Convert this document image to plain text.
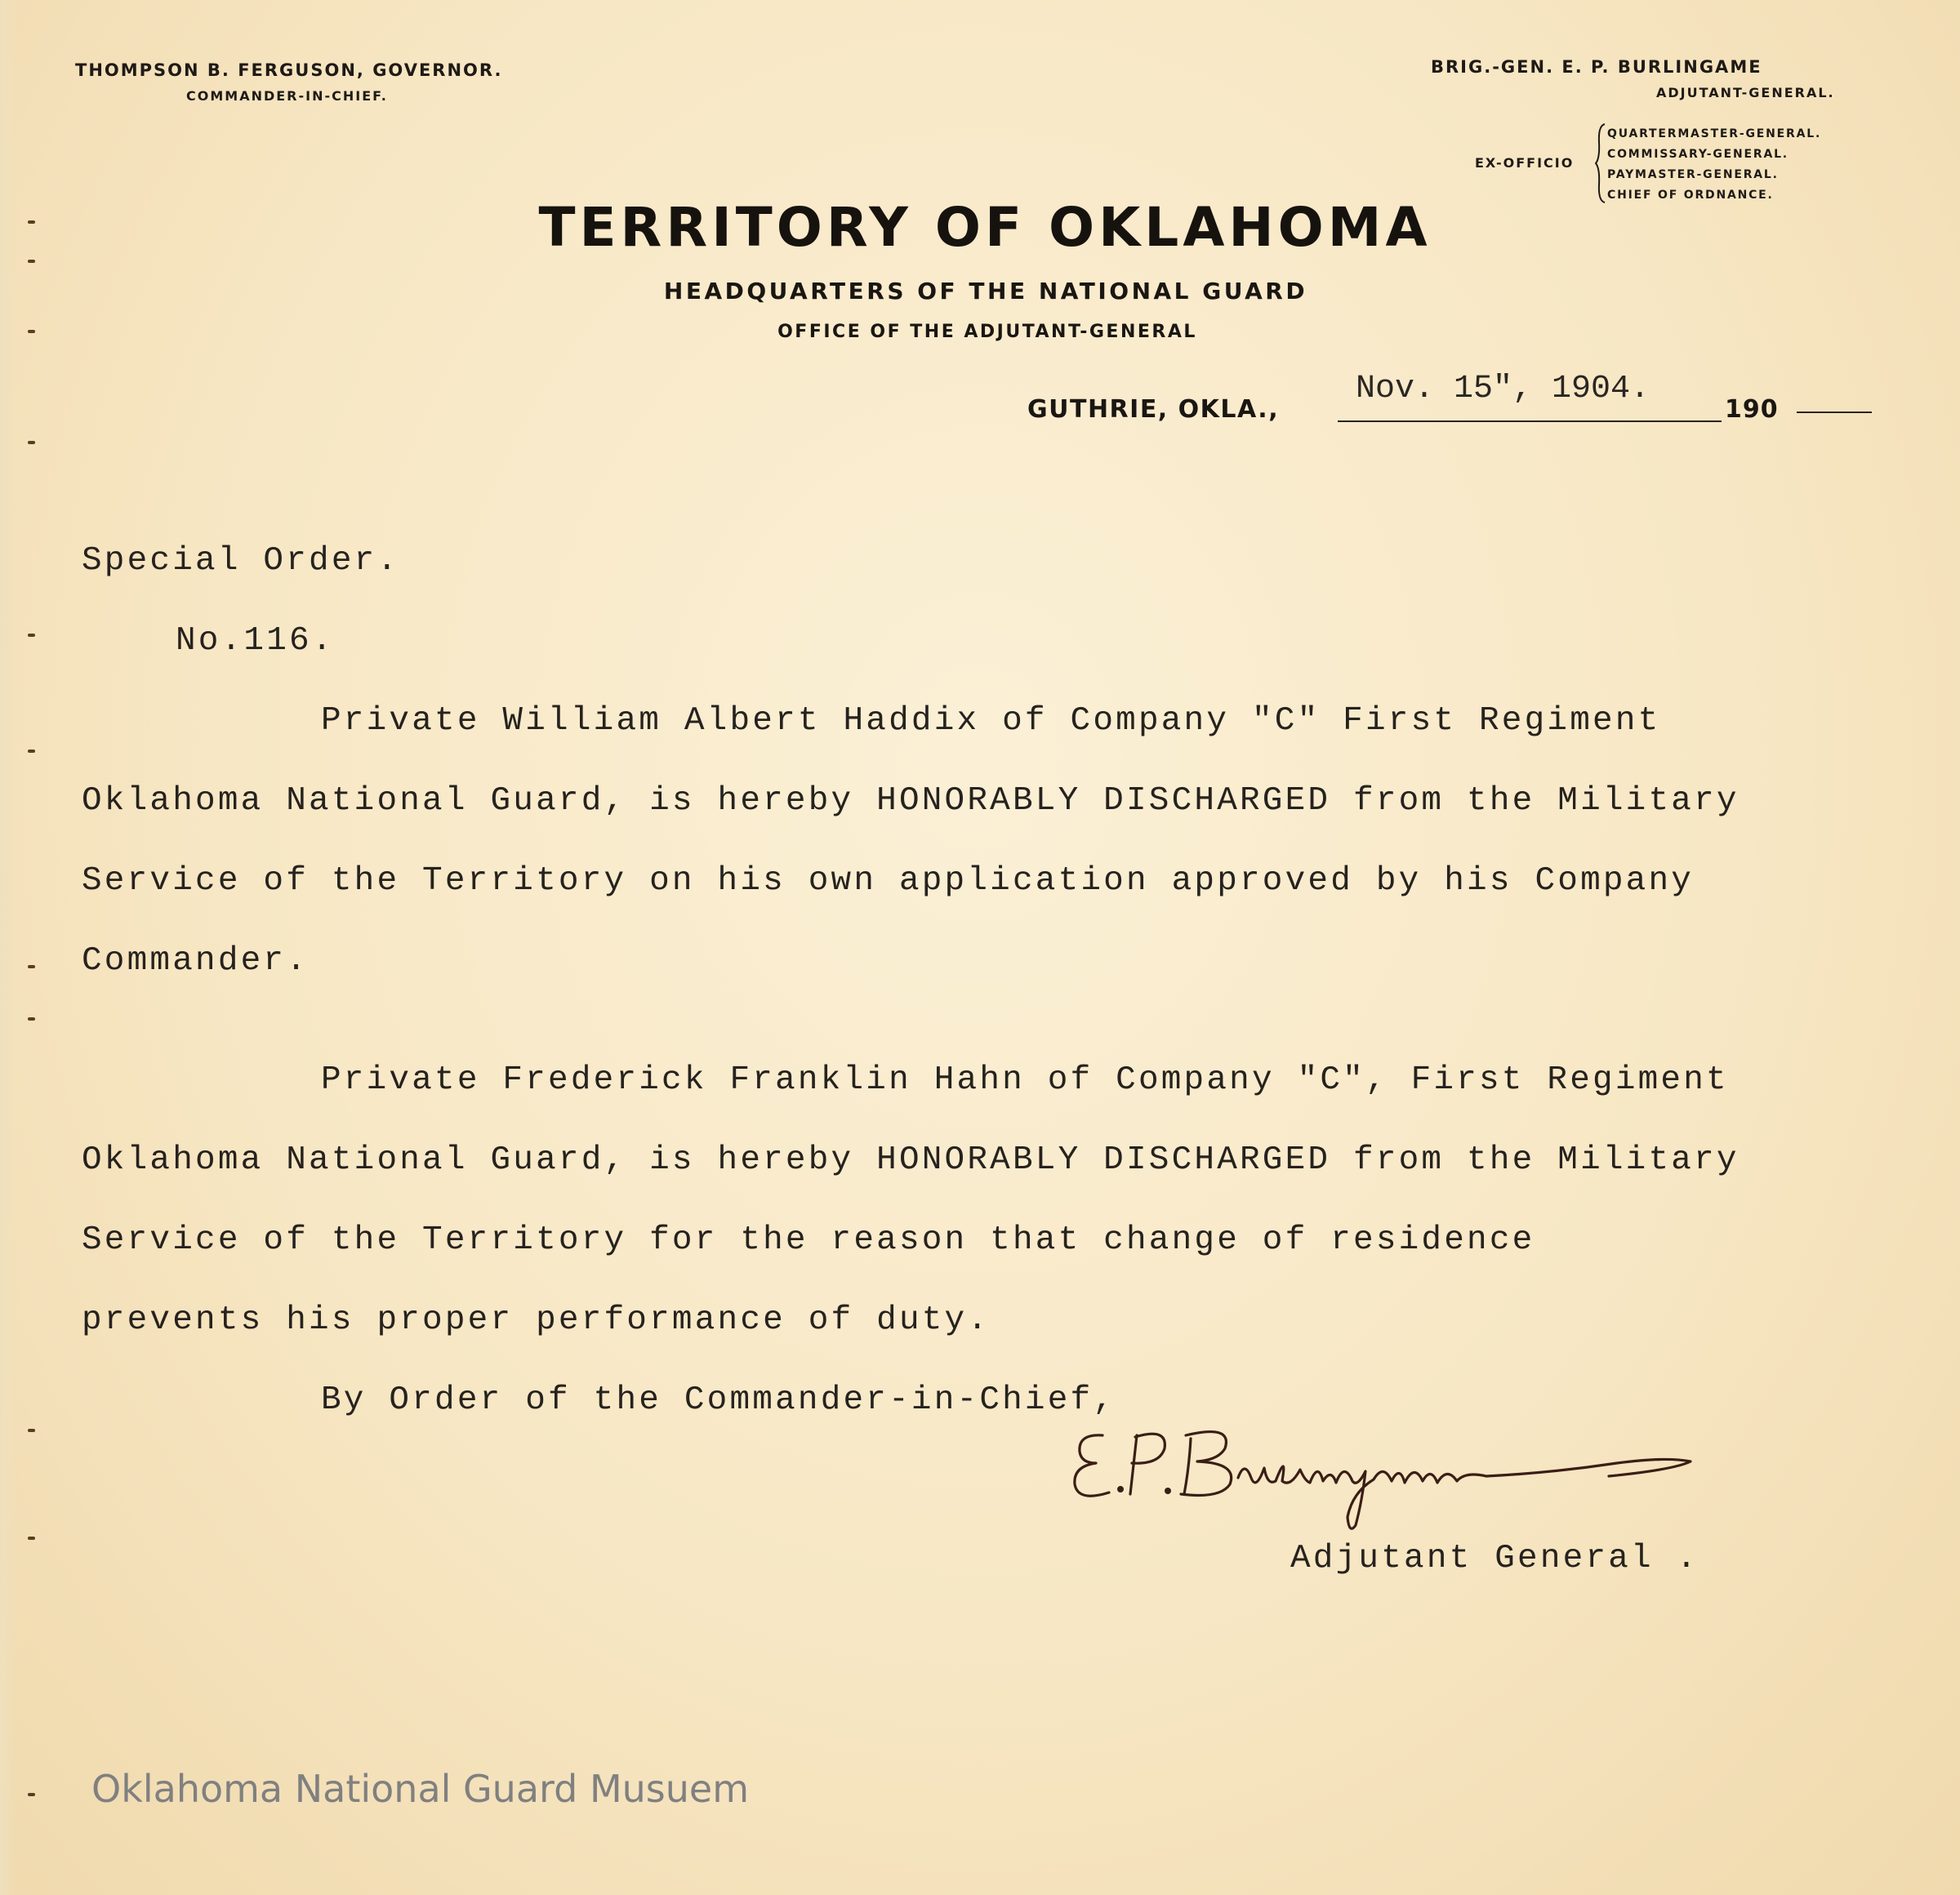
THOMPSON B. FERGUSON, GOVERNOR.
COMMANDER-IN-CHIEF.
BRIG.-GEN. E. P. BURLINGAME
ADJUTANT-GENERAL.
EX-OFFICIO
QUARTERMASTER-GENERAL.
COMMISSARY-GENERAL.
PAYMASTER-GENERAL.
CHIEF OF ORDNANCE.
TERRITORY OF OKLAHOMA
HEADQUARTERS OF THE NATIONAL GUARD
OFFICE OF THE ADJUTANT-GENERAL
GUTHRIE, OKLA.,
Nov. 15", 1904.
190
Special Order.
No.116.
Private William Albert Haddix of Company "C" First Regiment
Oklahoma National Guard, is hereby HONORABLY DISCHARGED from the Military
Service of the Territory on his own application approved by his Company
Commander.
Private Frederick Franklin Hahn of Company "C", First Regiment
Oklahoma National Guard, is hereby HONORABLY DISCHARGED from the Military
Service of the Territory for the reason that change of residence
prevents his proper performance of duty.
By Order of the Commander-in-Chief,
Adjutant General .
Oklahoma National Guard Musuem
